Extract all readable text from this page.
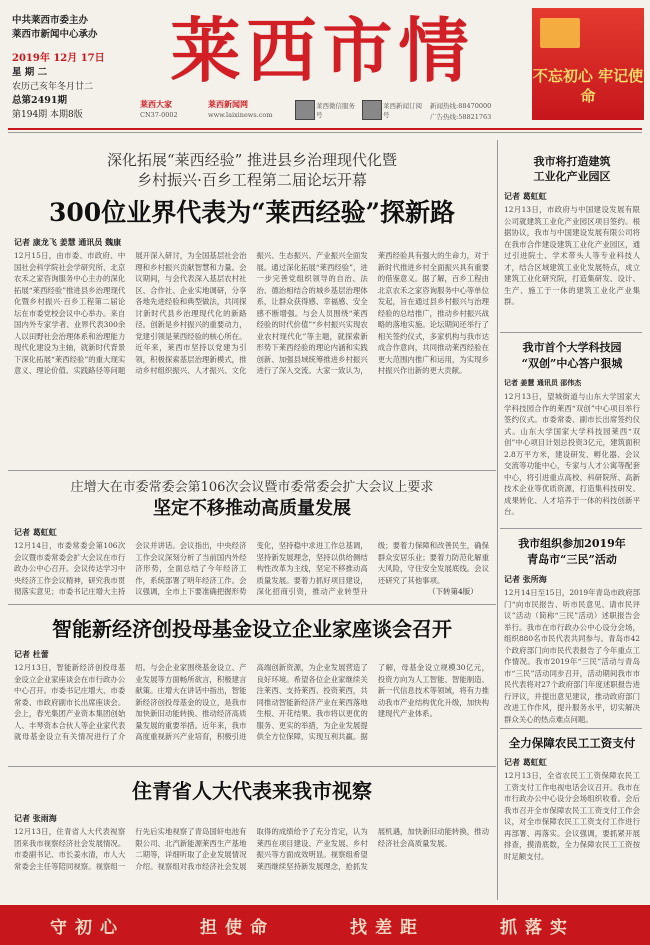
中共莱西市委主办
莱西市新闻中心承办
2019年 12月 17日
星 期 二
农历己亥年冬月廿二
总第2491期
第194期 本期8版
莱西市情	不忘初心 牢记使命
莱西大家
CN37-0002
莱西新闻网
www.laixinews.com
莱西微信服务号
莱西新闻订阅号
新闻热线:88470000
广告热线:58821763
深化拓展“莱西经验” 推进县乡治理现代化暨
乡村振兴·百乡工程第二届论坛开幕
300位业界代表为“莱西经验”探新路
记者 康龙飞 姜慧 通讯员 魏康
12月15日，由市委、市政府、中国社会科学院社会学研究所、北京农禾之家咨询服务中心主办的深化拓展“莱西经验”推进县乡治理现代化暨乡村振兴·百乡工程第二届论坛在市委党校会议中心举办。来自国内外专家学者、业界代表300余人以田野社会治理体系和治理能力现代化建设为主轴，就新时代背景下深化拓展“莱西经验”的重大现实意义、理论价值、实践路径等问题展开深入研讨，为全国基层社会治理和乡村振兴贡献智慧和力量。会议期间，与会代表深入基层农村社区、合作社、企业实地调研，分享各地先进经验和典型做法，共同探讨新时代县乡治理现代化的新路径。创新是乡村振兴的重要动力，党建引领是莱西经验的核心所在。近年来，莱西市坚持以党建为引领，积极探索基层治理新模式，推动乡村组织振兴、人才振兴、文化振兴、生态振兴、产业振兴全面发展。通过深化拓展“莱西经验”，进一步完善党组织领导的自治、法治、德治相结合的城乡基层治理体系，让群众获得感、幸福感、安全感不断增强。与会人员围绕“莱西经验的时代价值”“乡村振兴实现农业农村现代化”等主题，就探索新形势下莱西经验的理论内涵和实践创新、加强县域统筹推进乡村振兴进行了深入交流。大家一致认为，莱西经验具有强大的生命力，对于新时代推进乡村全面振兴具有重要的借鉴意义。据了解，百乡工程由北京农禾之家咨询服务中心等单位发起，旨在通过县乡村振兴与治理经验的总结推广，推动乡村振兴战略的落地实施。论坛期间还举行了相关签约仪式，多家机构与我市达成合作意向，共同推动莱西经验在更大范围内推广和运用，为实现乡村振兴作出新的更大贡献。
庄增大在市委常委会第106次会议暨市委常委会扩大会议上要求
坚定不移推动高质量发展
记者 葛虹虹
12月14日，市委常委会第106次会议暨市委常委会扩大会议在市行政办公中心召开。会议传达学习中央经济工作会议精神，研究我市贯彻落实意见；市委书记庄增大主持会议并讲话。会议指出，中央经济工作会议深刻分析了当前国内外经济形势，全面总结了今年经济工作，系统部署了明年经济工作。会议强调，全市上下要准确把握形势变化，坚持稳中求进工作总基调，坚持新发展理念，坚持以供给侧结构性改革为主线，坚定不移推动高质量发展。要着力抓好项目建设，深化招商引资，推动产业转型升级；要着力保障和改善民生，确保群众安居乐业；要着力防范化解重大风险，守住安全发展底线。会议还研究了其他事项。
（下转第4版）
智能新经济创投母基金设立企业家座谈会召开
记者 杜蕾
12月13日，智能新经济创投母基金设立企业家座谈会在市行政办公中心召开。市委书记庄增大、市委常委、市政府副市长出席座谈会。会上，春光集团产业资本集团创始人、丰琴资本合伙人等企业家代表就母基金设立有关情况进行了介绍。与会企业家围绕基金设立、产业发展等方面畅所欲言，积极建言献策。庄增大在讲话中指出，智能新经济创投母基金的设立，是我市加快新旧动能转换、推动经济高质量发展的重要举措。近年来，我市高度重视新兴产业培育，积极引进高端创新资源，为企业发展营造了良好环境。希望各位企业家继续关注莱西、支持莱西、投资莱西，共同推动智能新经济产业在莱西落地生根、开花结果。我市将以更优的服务、更实的举措，为企业发展提供全方位保障，实现互利共赢。据了解，母基金设立规模30亿元，投资方向为人工智能、智能制造、新一代信息技术等领域，将有力推动我市产业结构优化升级，加快构建现代产业体系。
住青省人大代表来我市视察
记者 张雨海
12月13日，住青省人大代表视察团来我市视察经济社会发展情况。市委副书记、市长姜水清，市人大常委会主任等陪同视察。视察组一行先后实地视察了青岛国轩电池有限公司、北汽新能源莱西生产基地二期等，详细听取了企业发展情况介绍。视察组对我市经济社会发展取得的成绩给予了充分肯定，认为莱西在项目建设、产业发展、乡村振兴等方面成效明显。视察组希望莱西继续坚持新发展理念，抢抓发展机遇，加快新旧动能转换，推动经济社会高质量发展。
我市将打造建筑
工业化产业园区
记者 葛虹虹
12月13日，市政府与中国建设发展有限公司就建筑工业化产业园区项目签约。根据协议，我市与中国建设发展有限公司将在我市合作建设建筑工业化产业园区，通过引进院士、学术带头人等专业科技人才，结合区域建筑工业化发展特点，成立建筑工业化研究院，打造集研发、设计、生产、施工于一体的建筑工业化产业集群。
我市首个大学科技园
“双创”中心答户狠城
记者 姜慧 通讯员 邵伟杰
12月13日，望城街道与山东大学国家大学科技园合作的莱西“双创”中心项目举行签约仪式。市委常委、副市长出席签约仪式。山东大学国家大学科技园莱西“双创”中心项目计划总投资3亿元，建筑面积2.8万平方米，建设研发、孵化器、会议交流等功能中心，专家与人才公寓等配套中心，将引进重点高校、科研院所、高新技术企业等优质资源，打造集科技研发、成果转化、人才培养于一体的科技创新平台。
我市组织参加2019年
青岛市“三民”活动
记者 张所海
12月14日至15日，2019年青岛市政府部门“向市民报告、听市民意见、请市民评议”活动（简称“三民”活动）述职报告会举行。我市在市行政办公中心设分会场，组织880名市民代表共同参与。青岛市42个政府部门向市民代表报告了今年重点工作情况。我市2019年“三民”活动与青岛市“三民”活动同步召开，活动期间我市市民代表将对27个政府部门年度述职报告进行评议，并提出意见建议，推动政府部门改进工作作风，提升服务水平，切实解决群众关心的热点难点问题。
全力保障农民工工资支付
记者 葛虹虹
12月13日，全省农民工工资保障农民工工资支付工作电视电话会议召开。我市在市行政办公中心设分会场组织收看。会后我市召开全市保障农民工工资支付工作会议，对全市保障农民工工资支付工作进行再部署、再落实。会议强调，要抓紧开展排查，摸清底数，全力保障农民工工资按时足额支付。
守初心	担使命	找差距	抓落实
